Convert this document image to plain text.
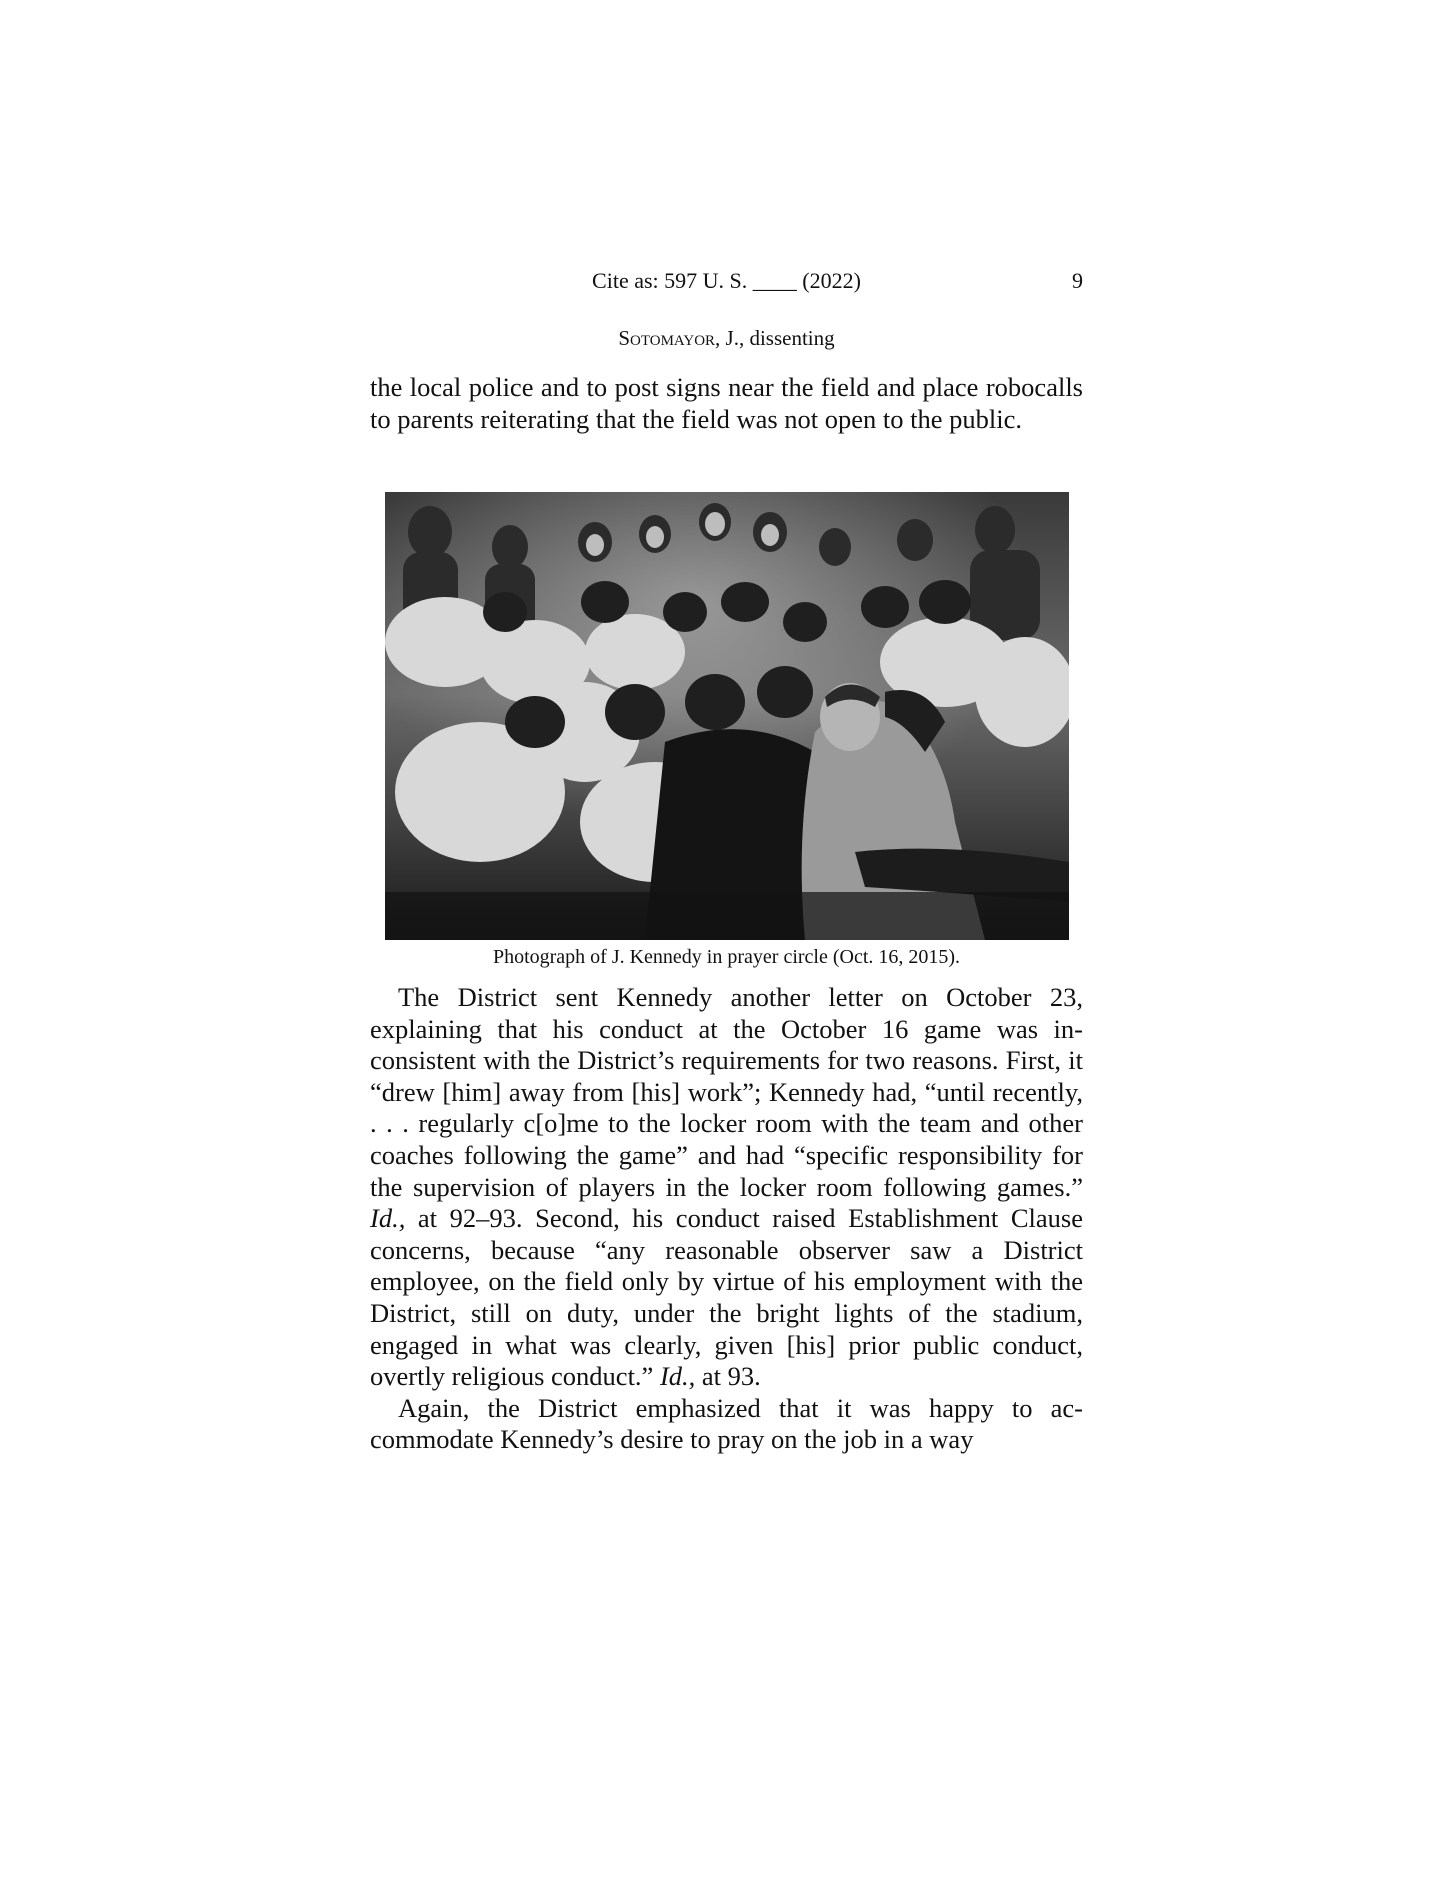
Cite as: 597 U. S. ____ (2022)	9
Sotomayor, J., dissenting

the local police and to post signs near the field and place robocalls to parents reiterating that the field was not open to the public.

Photograph of J. Kennedy in prayer circle (Oct. 16, 2015).

The District sent Kennedy another letter on October 23, explaining that his conduct at the October 16 game was in-consistent with the District’s requirements for two reasons. First, it “drew [him] away from [his] work”; Kennedy had, “until recently, . . . regularly c[o]me to the locker room with the team and other coaches following the game” and had “specific responsibility for the supervision of players in the locker room following games.” Id., at 92–93. Second, his conduct raised Establishment Clause concerns, because “any reasonable observer saw a District employee, on the field only by virtue of his employment with the District, still on duty, under the bright lights of the stadium, engaged in what was clearly, given [his] prior public conduct, overtly religious conduct.” Id., at 93.

Again, the District emphasized that it was happy to ac-commodate Kennedy’s desire to pray on the job in a way
